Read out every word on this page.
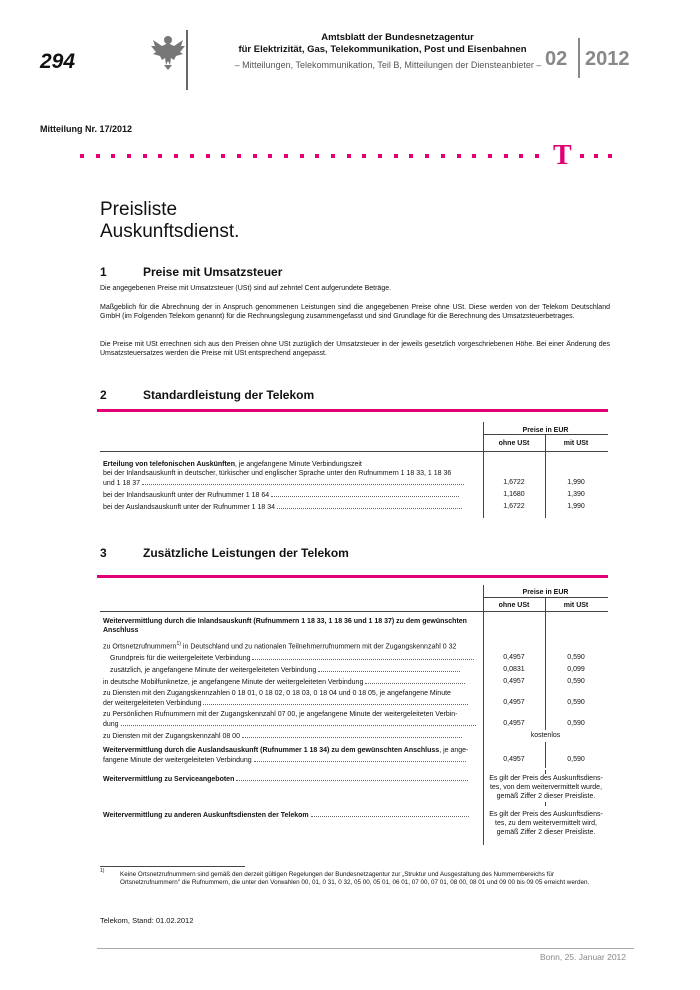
294
Amtsblatt der Bundesnetzagentur
für Elektrizität, Gas, Telekommunikation, Post und Eisenbahnen
– Mitteilungen, Telekommunikation, Teil B, Mitteilungen der Diensteanbieter – 02 2012
Mitteilung Nr. 17/2012
T
Preisliste
Auskunftsdienst.
1	Preise mit Umsatzsteuer
Die angegebenen Preise mit Umsatzsteuer (USt) sind auf zehntel Cent aufgerundete Beträge.
Maßgeblich für die Abrechnung der in Anspruch genommenen Leistungen sind die angegebenen Preise ohne USt. Diese werden von der Telekom Deutschland GmbH (im Folgenden Telekom genannt) für die Rechnungslegung zusammengefasst und sind Grundlage für die Berechnung des Umsatzsteuerbetrages.
Die Preise mit USt errechnen sich aus den Preisen ohne USt zuzüglich der Umsatzsteuer in der jeweils gesetzlich vorgeschriebenen Höhe. Bei einer Änderung des Umsatzsteuersatzes werden die Preise mit USt entsprechend angepasst.
2	Standardleistung der Telekom
Preise in EUR
ohne USt	mit USt
Erteilung von telefonischen Auskünften, je angefangene Minute Verbindungszeit
bei der Inlandsauskunft in deutscher, türkischer und englischer Sprache unter den Rufnummern 1 18 33, 1 18 36
und 1 18 37	1,6722	1,990
bei der Inlandsauskunft unter der Rufnummer 1 18 64	1,1680	1,390
bei der Auslandsauskunft unter der Rufnummer 1 18 34	1,6722	1,990
3	Zusätzliche Leistungen der Telekom
Preise in EUR
ohne USt	mit USt
Weitervermittlung durch die Inlandsauskunft (Rufnummern 1 18 33, 1 18 36 und 1 18 37) zu dem gewünschten Anschluss
zu Ortsnetzrufnummern$^{1)}$ in Deutschland und zu nationalen Teilnehmerrufnummern mit der Zugangskennzahl 0 32
Grundpreis für die weitergeleitete Verbindung	0,4957	0,590
zusätzlich, je angefangene Minute der weitergeleiteten Verbindung	0,0831	0,099
in deutsche Mobilfunknetze, je angefangene Minute der weitergeleiteten Verbindung	0,4957	0,590
zu Diensten mit den Zugangskennzahlen 0 18 01, 0 18 02, 0 18 03, 0 18 04 und 0 18 05, je angefangene Minute
der weitergeleiteten Verbindung	0,4957	0,590
zu Persönlichen Rufnummern mit der Zugangskennzahl 07 00, je angefangene Minute der weitergeleiteten Verbin-
dung	0,4957	0,590
zu Diensten mit der Zugangskennzahl 08 00	kostenlos
Weitervermittlung durch die Auslandsauskunft (Rufnummer 1 18 34) zu dem gewünschten Anschluss, je ange-
fangene Minute der weitergeleiteten Verbindung	0,4957	0,590
Weitervermittlung zu Serviceangeboten	Es gilt der Preis des Auskunftsdiens-
tes, von dem weitervermittelt wurde,
gemäß Ziffer 2 dieser Preisliste.
Weitervermittlung zu anderen Auskunftsdiensten der Telekom	Es gilt der Preis des Auskunftsdiens-
tes, zu dem weitervermittelt wird,
gemäß Ziffer 2 dieser Preisliste.
1) Keine Ortsnetzrufnummern sind gemäß den derzeit gültigen Regelungen der Bundesnetzagentur zur „Struktur und Ausgestaltung des Nummernbereichs für Ortsnetzrufnummern" die Rufnummern, die unter den Vorwahlen 00, 01, 0 31, 0 32, 05 00, 05 01, 06 01, 07 00, 07 01, 08 00, 08 01 und 09 00 bis 09 05 erreicht werden.
Telekom, Stand: 01.02.2012
Bonn, 25. Januar 2012
